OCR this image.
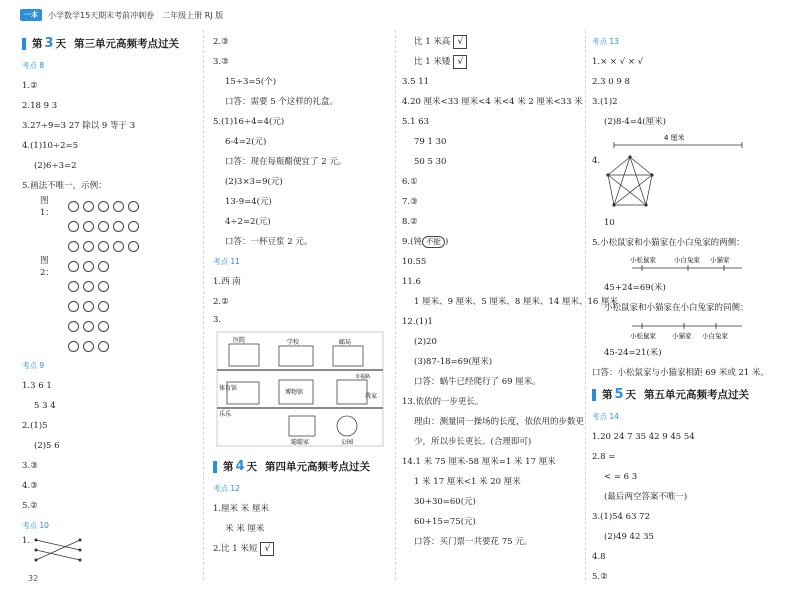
一本	小学数学15天期末考前冲刺卷 二年级上册 RJ 版
第 3 天 第三单元高频考点过关
考点 8
1.②
2.18 9 3
3.27÷9=3 27 除以 9 等于 3
4.(1)10÷2=5
(2)6÷3=2
5.画法不唯一，示例：
图 1：
图 2：
考点 9
1.3 6 1
5 3 4
2.(1)5
(2)5 6
3.③
4.③
5.②
考点 10
1.
32
2.③
3.③
15÷3=5(个)
口答：需要 5 个这样的礼盒。
5.(1)16÷4=4(元)
6-4=2(元)
口答：现在每瓶醋便宜了 2 元。
(2)3×3=9(元)
13-9=4(元)
4÷2=2(元)
口答：一杯豆浆 2 元。
考点 11
1.西 南
2.②
3.
医院	学校	邮局
幸福路
体育馆
博物馆
我家
乐乐
聪聪家	公园
第 4 天 第四单元高频考点过关
考点 12
1.厘米 米 厘米
米 米 厘米
2.比 1 米短 √
比 1 米高 √
比 1 米矮 √
3.5 11
4.20 厘米<33 厘米<4 米<4 米 2 厘米<33 米
5.1 63
79 1 30
50 5 30
6.①
7.③
8.②
9.(钝 不能 )
10.55
11.6
1 厘米、9 厘米、5 厘米、8 厘米、14 厘米、16 厘米
12.(1)1
(2)20
(3)87-18=69(厘米)
口答：蜗牛已经爬行了 69 厘米。
13.依依的一步更长。
理由：测量同一操场的长度，依依用的步数更
少，所以步长更长。(合理即可)
14.1 米 75 厘米-58 厘米=1 米 17 厘米
1 米 17 厘米<1 米 20 厘米
30+30=60(元)
60+15=75(元)
口答：买门票一共要花 75 元。
考点 13
1.× × √ × √
2.3 0 9 8
3.(1)2
(2)8-4=4(厘米)
4 厘米
4.
10
5.小松鼠家和小猫家在小白兔家的两侧：
小松鼠家	小白兔家 小猫家
45+24=69(米)
小松鼠家和小猫家在小白兔家的同侧：
小松鼠家 小猫家 小白兔家
45-24=21(米)
口答：小松鼠家与小猫家相距 69 米或 21 米。
第 5 天 第五单元高频考点过关
考点 14
1.20 24 7 35 42 9 45 54
2.8 =
< = 6 3
(最后两空答案不唯一)
3.(1)54 63 72
(2)49 42 35
4.8
5.②
